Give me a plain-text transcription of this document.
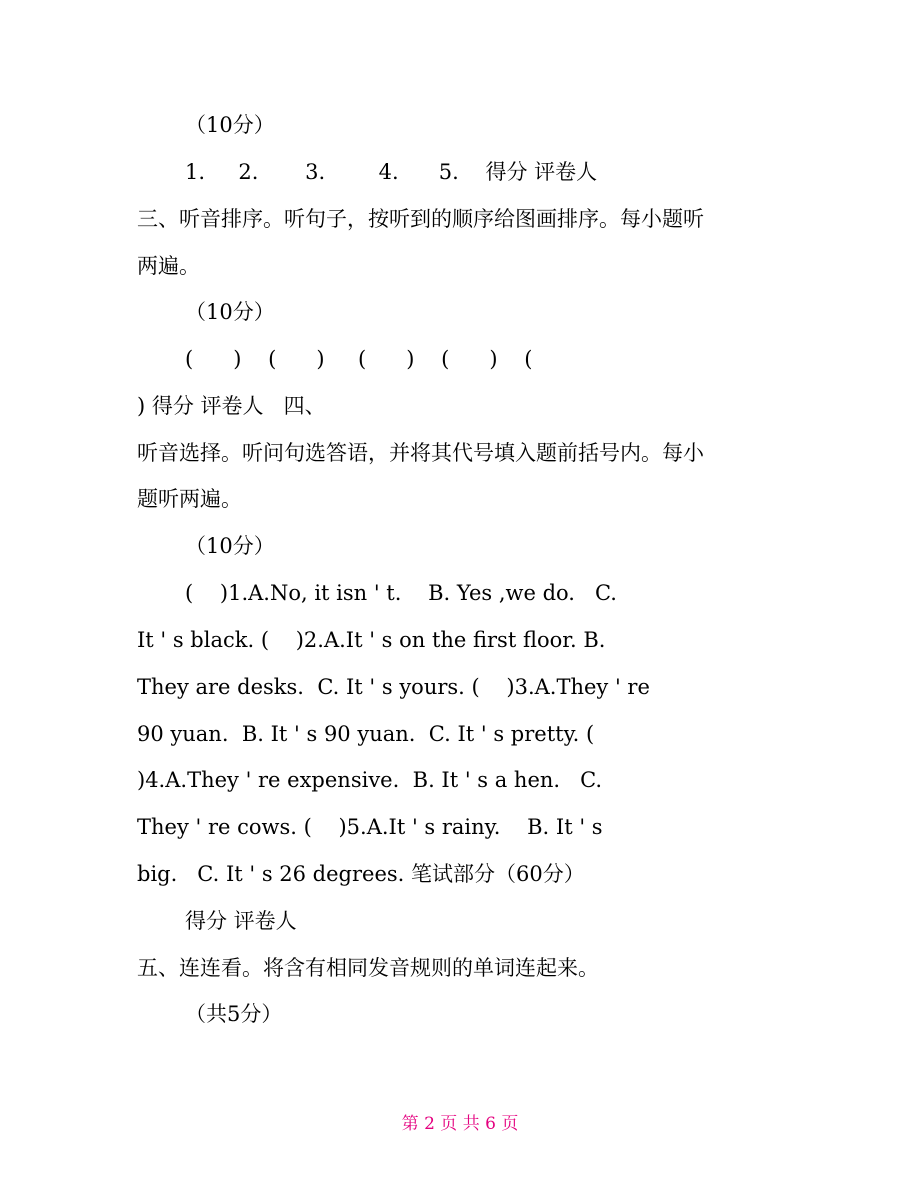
（10分）
1.     2.       3.        4.      5.    得分 评卷人
三、听音排序。听句子，按听到的顺序给图画排序。每小题听
两遍。
（10分）
(      )    (      )     (      )    (      )    (
) 得分 评卷人   四、
听音选择。听问句选答语，并将其代号填入题前括号内。每小
题听两遍。
（10分）
(    )1.A.No, it isn ' t.    B. Yes ,we do.   C.
It ' s black. (    )2.A.It ' s on the first floor. B.
They are desks.  C. It ' s yours. (    )3.A.They ' re
90 yuan.  B. It ' s 90 yuan.  C. It ' s pretty. (
)4.A.They ' re expensive.  B. It ' s a hen.   C.
They ' re cows. (    )5.A.It ' s rainy.    B. It ' s
big.   C. It ' s 26 degrees. 笔试部分（60分）
得分 评卷人
五、连连看。将含有相同发音规则的单词连起来。
（共5分）
第 2 页 共 6 页
